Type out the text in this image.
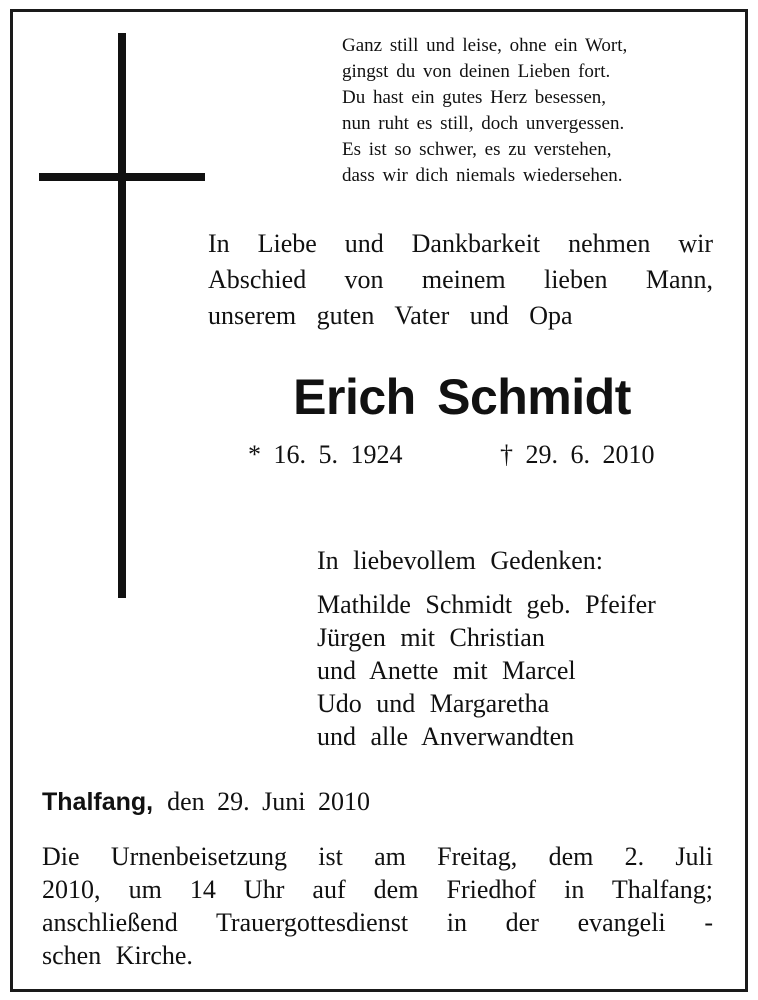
Ganz still und leise, ohne ein Wort,
gingst du von deinen Lieben fort.
Du hast ein gutes Herz besessen,
nun ruht es still, doch unvergessen.
Es ist so schwer, es zu verstehen,
dass wir dich niemals wiedersehen.
In Liebe und Dankbarkeit nehmen wir
Abschied von meinem lieben Mann,
unserem guten Vater und Opa
Erich Schmidt
* 16. 5. 1924	† 29. 6. 2010
In liebevollem Gedenken:
Mathilde Schmidt geb. Pfeifer
Jürgen mit Christian
und Anette mit Marcel
Udo und Margaretha
und alle Anverwandten
Thalfang, den 29. Juni 2010
Die Urnenbeisetzung ist am Freitag, dem 2. Juli
2010, um 14 Uhr auf dem Friedhof in Thalfang;
anschließend Trauergottesdienst in der evangeli -
schen Kirche.
